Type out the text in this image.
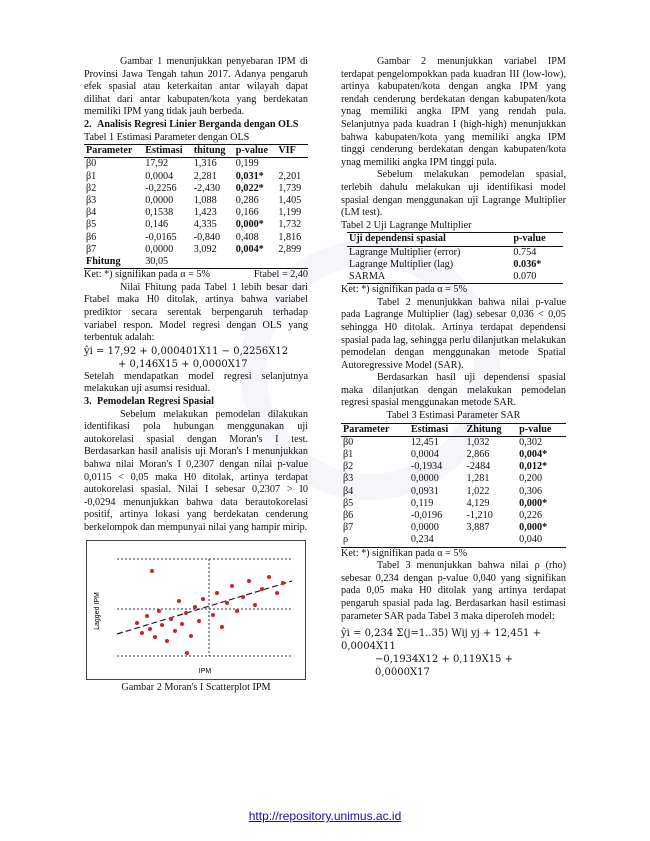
Gambar 1 menunjukkan penyebaran IPM di Provinsi Jawa Tengah tahun 2017. Adanya pengaruh efek spasial atau keterkaitan antar wilayah dapat dilihat dari antar kabupaten/kota yang berdekatan memiliki IPM yang tidak jauh berbeda.

2. Analisis Regresi Linier Berganda dengan OLS
Tabel 1 Estimasi Parameter dengan OLS
Parameter	Estimasi	thitung	p-value	VIF
β0	17,92	1,316	0,199	
β1	0,0004	2,281	0,031*	2,201
β2	-0,2256	-2,430	0,022*	1,739
β3	0,0000	1,088	0,286	1,405
β4	0,1538	1,423	0,166	1,199
β5	0,146	4,335	0,000*	1,732
β6	-0,0165	-0,840	0,408	1,816
β7	0,0000	3,092	0,004*	2,899
Fhitung	30,05			
Ket: *) signifikan pada α = 5%	Ftabel = 2,40

Nilai Fhitung pada Tabel 1 lebih besar dari Ftabel maka H0 ditolak, artinya bahwa variabel prediktor secara serentak berpengaruh terhadap variabel respon. Model regresi dengan OLS yang terbentuk adalah:

ŷi = 17,92 + 0,000401X11 − 0,2256X12
+ 0,146X15 + 0,0000X17

Setelah mendapatkan model regresi selanjutnya melakukan uji asumsi residual.

3. Pemodelan Regresi Spasial

Sebelum melakukan pemodelan dilakukan identifikasi pola hubungan menggunakan uji autokorelasi spasial dengan Moran's I test. Berdasarkan hasil analisis uji Moran's I menunjukkan bahwa nilai Moran's I 0,2307 dengan nilai p-value 0,0115 < 0,05 maka H0 ditolak, artinya terdapat autokorelasi spasial. Nilai I sebesar 0,2307 > I0 -0,0294 menunjukkan bahwa data berautokorelasi positif, artinya lokasi yang berdekatan cenderung berkelompok dan mempunyai nilai yang hampir mirip.

Lagged IPM
IPM
Gambar 2 Moran's I Scatterplot IPM

Gambar 2 menunjukkan variabel IPM terdapat pengelompokkan pada kuadran III (low-low), artinya kabupaten/kota dengan angka IPM yang rendah cenderung berdekatan dengan kabupaten/kota ynag memiliki angka IPM yang rendah pula. Selanjutnya pada kuadran I (high-high) menunjukkan bahwa kabupaten/kota yang memiliki angka IPM tinggi cenderung berdekatan dengan kabupaten/kota ynag memiliki angka IPM tinggi pula.

Sebelum melakukan pemodelan spasial, terlebih dahulu melakukan uji identifikasi model spasial dengan menggunakan uji Lagrange Multiplier (LM test).

Tabel 2 Uji Lagrange Multiplier
Uji dependensi spasial	p-value
Lagrange Multiplier (error)	0.754
Lagrange Multiplier (lag)	0.036*
SARMA	0.070
Ket: *) signifikan pada α = 5%

Tabel 2 menunjukkan bahwa nilai p-value pada Lagrange Multiplier (lag) sebesar 0,036 < 0,05 sehingga H0 ditolak. Artinya terdapat dependensi spasial pada lag, sehingga perlu dilanjutkan melakukan pemodelan dengan menggunakan metode Spatial Autoregressive Model (SAR).

Berdasarkan hasil uji dependensi spasial maka dilanjutkan dengan melakukan pemodelan regresi spasial menggunakan metode SAR.

Tabel 3 Estimasi Parameter SAR
Parameter	Estimasi	Zhitung	p-value
β0	12,451	1,032	0,302
β1	0,0004	2,866	0,004*
β2	-0,1934	-2484	0,012*
β3	0,0000	1,281	0,200
β4	0,0931	1,022	0,306
β5	0,119	4,129	0,000*
β6	-0,0196	-1,210	0,226
β7	0,0000	3,887	0,000*
ρ	0,234		0,040
Ket: *) signifikan pada α = 5%

Tabel 3 menunjukkan bahwa nilai ρ (rho) sebesar 0,234 dengan p-value 0,040 yang signifikan pada 0,05 maka H0 ditolak yang artinya terdapat pengaruh spasial pada lag. Berdasarkan hasil estimasi parameter SAR pada Tabel 3 maka diperoleh model:

ŷi = 0,234 Σ(j=1..35) Wij yj + 12,451 + 0,0004X11
−0,1934X12 + 0,119X15 + 0,0000X17
http://repository.unimus.ac.id
